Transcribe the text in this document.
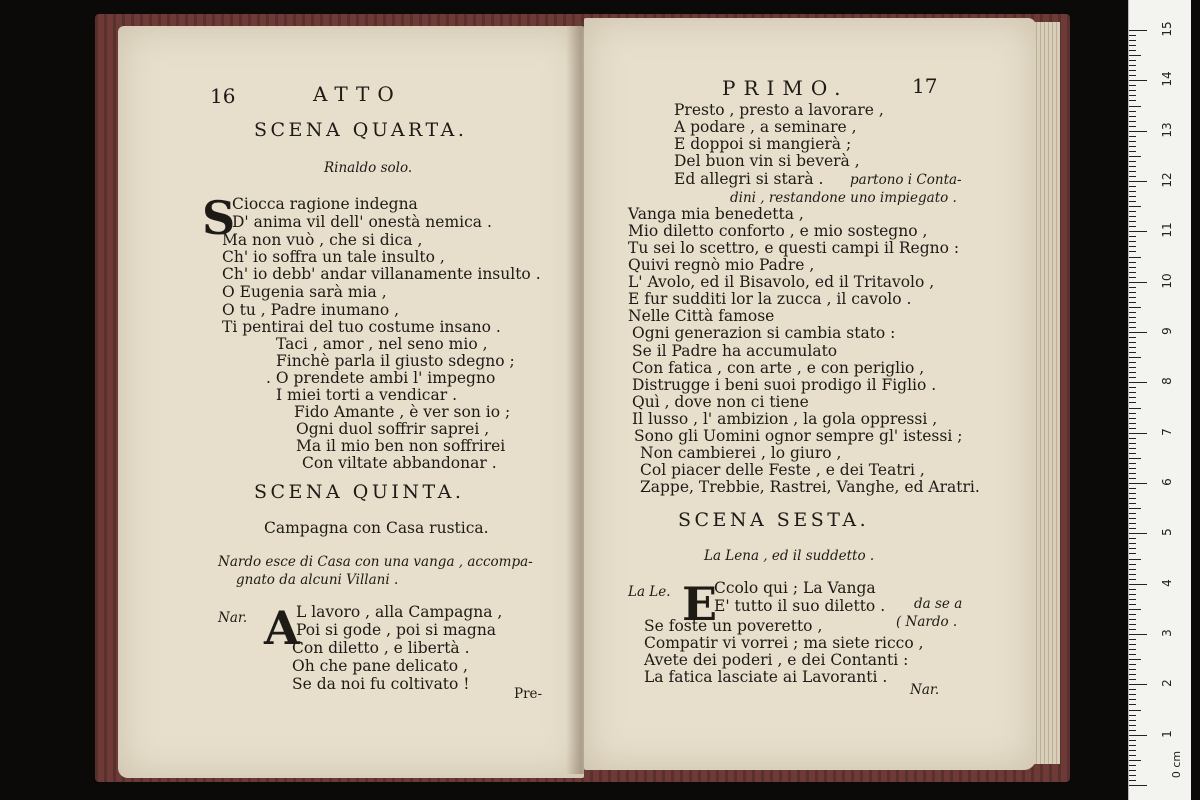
16	ATTO
SCENA QUARTA.
Rinaldo solo.
S
Ciocca ragione indegna
D' anima vil dell' onestà nemica .
Ma non vuò , che si dica ,
Ch' io soffra un tale insulto ,
Ch' io debb' andar villanamente insulto .
O Eugenia sarà mia ,
O tu , Padre inumano ,
Ti pentirai del tuo costume insano .
Taci , amor , nel seno mio ,
Finchè parla il giusto sdegno ;
. O prendete ambi l' impegno
I miei torti a vendicar .
Fido Amante , è ver son io ;
Ogni duol soffrir saprei ,
Ma il mio ben non soffrirei
Con viltate abbandonar .
SCENA QUINTA.
Campagna con Casa rustica.
Nardo esce di Casa con una vanga , accompa-
gnato da alcuni Villani .
Nar. A
L lavoro , alla Campagna ,
Poi si gode , poi si magna
Con diletto , e libertà .
Oh che pane delicato ,
Se da noi fu coltivato !
Pre-
PRIMO.	17
Presto , presto a lavorare ,
A podare , a seminare ,
E doppoi si mangierà ;
Del buon vin si beverà ,
Ed allegri si starà . partono i Conta-
dini , restandone uno impiegato .
Vanga mia benedetta ,
Mio diletto conforto , e mio sostegno ,
Tu sei lo scettro, e questi campi il Regno :
Quivi regnò mio Padre ,
L' Avolo, ed il Bisavolo, ed il Tritavolo ,
E fur sudditi lor la zucca , il cavolo .
Nelle Città famose
Ogni generazion si cambia stato :
Se il Padre ha accumulato
Con fatica , con arte , e con periglio ,
Distrugge i beni suoi prodigo il Figlio .
Quì , dove non ci tiene
Il lusso , l' ambizion , la gola oppressi ,
Sono gli Uomini ognor sempre gl' istessi ;
Non cambierei , lo giuro ,
Col piacer delle Feste , e dei Teatri ,
Zappe, Trebbie, Rastrei, Vanghe, ed Aratri.
SCENA SESTA.
La Lena , ed il suddetto .
La Le. E
Ccolo qui ; La Vanga
E' tutto il suo diletto . da se a
( Nardo .
Se foste un poveretto ,
Compatir vi vorrei ; ma siete ricco ,
Avete dei poderi , e dei Contanti :
La fatica lasciate ai Lavoranti .
Nar.
15
14
13
12
11
10
9
8
7
6
5
4
3
2
1
0 cm
